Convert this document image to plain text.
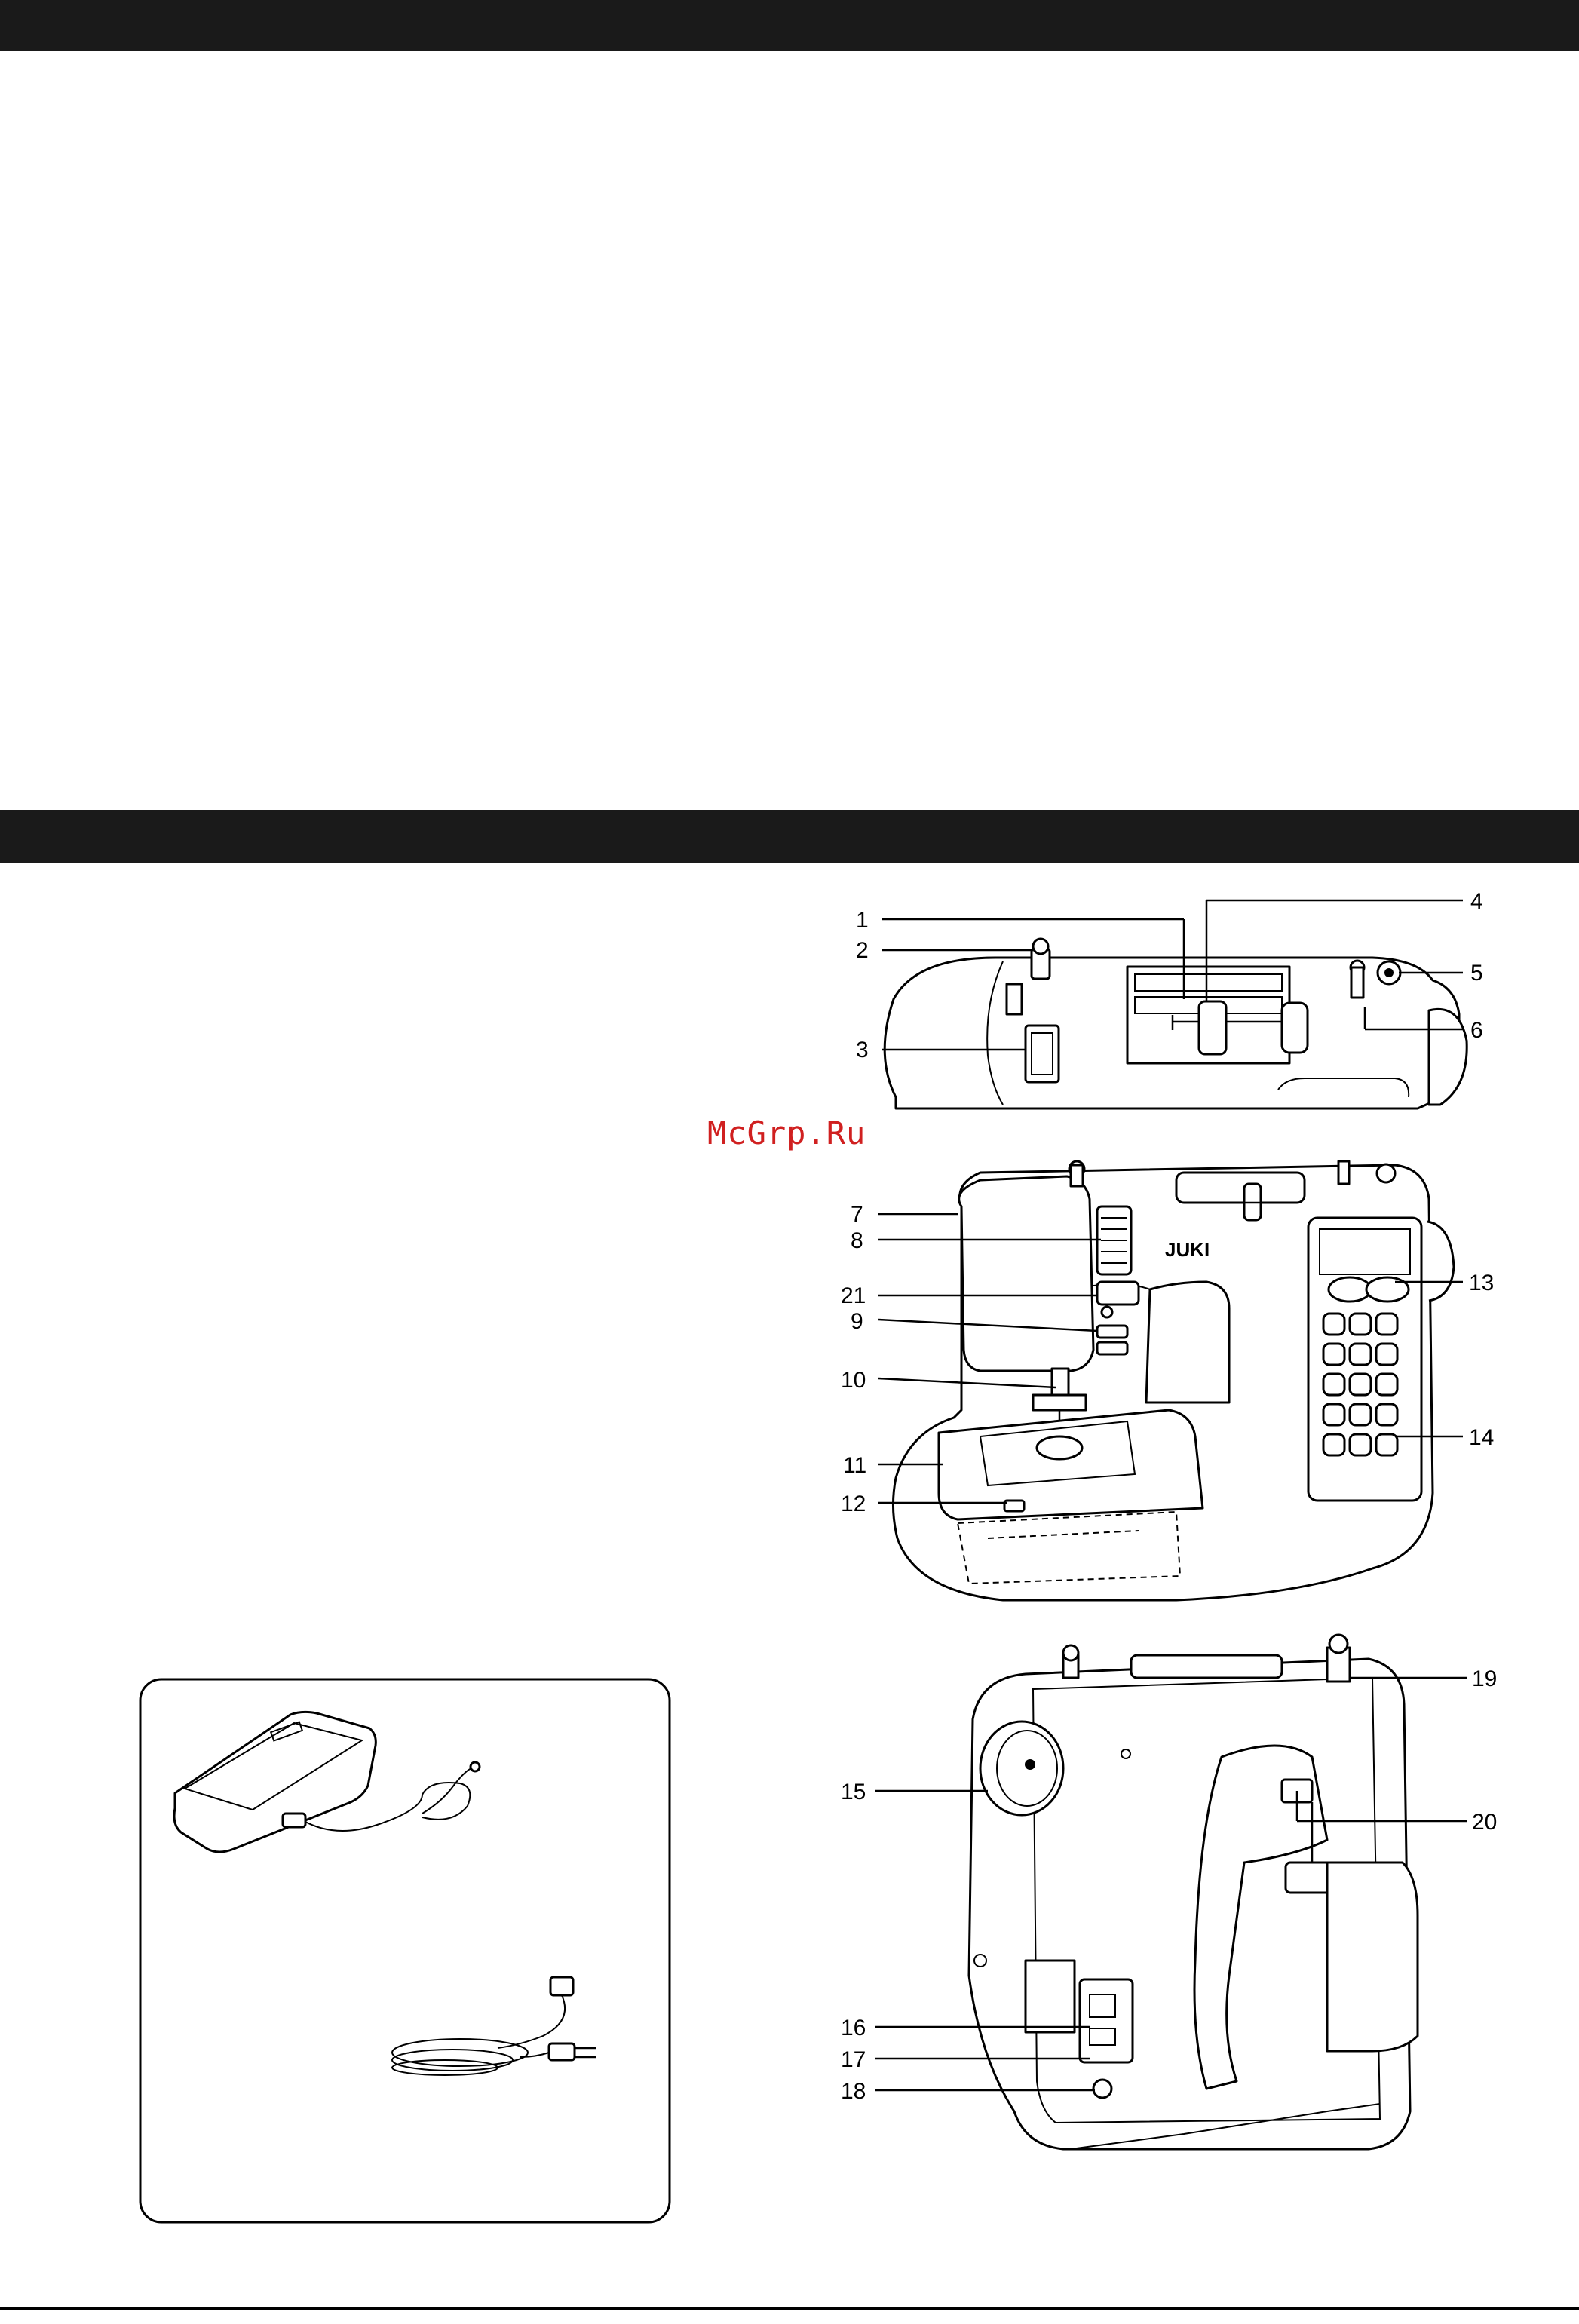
McGrp.Ru
1
2
3
4
5
6
JUKI
7
8
21
9
10
11
12
13
14
19
15
20
16
17
18
